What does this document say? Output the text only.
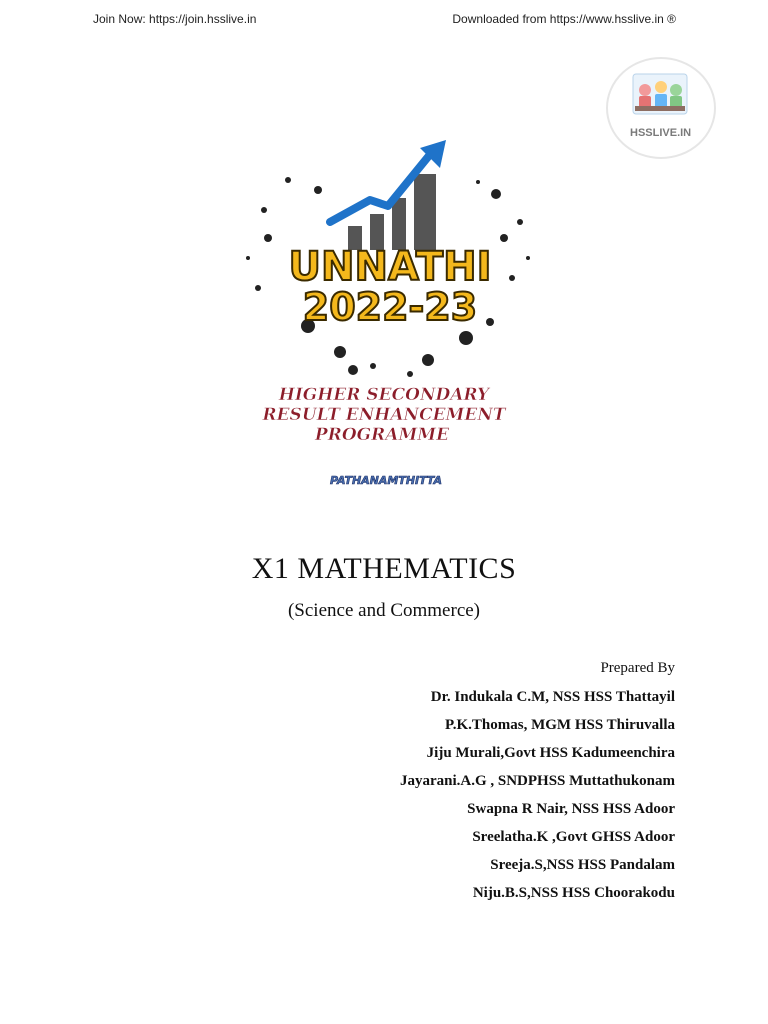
Join Now: https://join.hsslive.in	Downloaded from https://www.hsslive.in ®
HSSLIVE.IN
UNNATHI
2022-23
HIGHER SECONDARY
RESULT ENHANCEMENT
PROGRAMME
PATHANAMTHITTA
X1 MATHEMATICS
(Science and Commerce)
Prepared By
Dr. Indukala C.M, NSS HSS Thattayil
P.K.Thomas, MGM HSS Thiruvalla
Jiju Murali,Govt HSS Kadumeenchira
Jayarani.A.G , SNDPHSS Muttathukonam
Swapna R Nair, NSS HSS Adoor
Sreelatha.K ,Govt GHSS Adoor
Sreeja.S,NSS HSS Pandalam
Niju.B.S,NSS HSS Choorakodu
